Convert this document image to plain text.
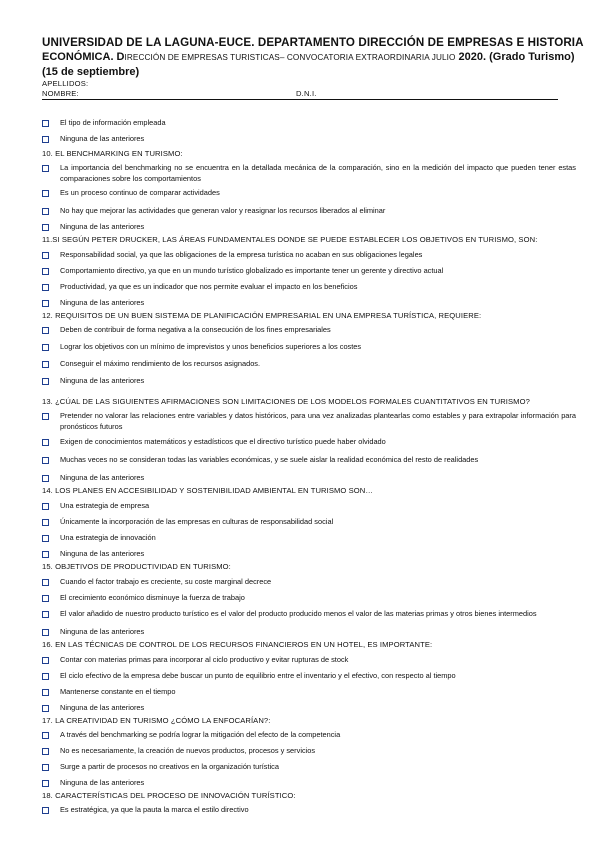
UNIVERSIDAD DE LA LAGUNA-EUCE. DEPARTAMENTO DIRECCIÓN DE EMPRESAS E HISTORIA
ECONÓMICA. DIRECCIÓN DE EMPRESAS TURISTICAS– CONVOCATORIA EXTRAORDINARIA JULIO 2020. (Grado Turismo)
(15 de septiembre)
APELLIDOS:
NOMBRE:	D.N.I.
El tipo de información empleada
Ninguna de las anteriores
10. EL BENCHMARKING EN TURISMO:
La importancia del benchmarking no se encuentra en la detallada mecánica de la comparación, sino en la medición del impacto que pueden tener estas comparaciones sobre los comportamientos
Es un proceso continuo de comparar actividades
No hay que mejorar las actividades que generan valor y reasignar los recursos liberados al eliminar
Ninguna de las anteriores
11.SI SEGÚN PETER DRUCKER, LAS ÁREAS FUNDAMENTALES DONDE SE PUEDE ESTABLECER LOS OBJETIVOS EN TURISMO, SON:
Responsabilidad social, ya que las obligaciones de la empresa turística no acaban en sus obligaciones legales
Comportamiento directivo, ya que en un mundo turístico globalizado es importante tener un gerente y directivo actual
Productividad, ya que es un indicador que nos permite evaluar el impacto en los beneficios
Ninguna de las anteriores
12. REQUISITOS DE UN BUEN SISTEMA DE PLANIFICACIÓN EMPRESARIAL EN UNA EMPRESA TURÍSTICA, REQUIERE:
Deben de contribuir de forma negativa a la consecución de los fines empresariales
Lograr los objetivos con un mínimo de imprevistos y unos beneficios superiores a los costes
Conseguir el máximo rendimiento de los recursos asignados.
Ninguna de las anteriores
13. ¿CÚAL DE LAS SIGUIENTES AFIRMACIONES SON LIMITACIONES DE LOS MODELOS FORMALES CUANTITATIVOS EN TURISMO?
Pretender no valorar las relaciones entre variables y datos históricos, para una vez analizadas plantearlas como estables y para extrapolar información para pronósticos futuros
Exigen de conocimientos matemáticos y estadísticos que el directivo turístico puede haber olvidado
Muchas veces no se consideran todas las variables económicas, y se suele aislar la realidad económica del resto de realidades
Ninguna de las anteriores
14. LOS PLANES EN ACCESIBILIDAD Y SOSTENIBILIDAD AMBIENTAL EN TURISMO SON…
Una estrategia de empresa
Únicamente la incorporación de las empresas en culturas de responsabilidad social
Una estrategia de innovación
Ninguna de las anteriores
15. OBJETIVOS DE PRODUCTIVIDAD EN TURISMO:
Cuando el factor trabajo es creciente, su coste marginal decrece
El crecimiento económico disminuye la fuerza de trabajo
El valor añadido de nuestro producto turístico es el valor del producto producido menos el valor de las materias primas y otros bienes intermedios
Ninguna de las anteriores
16. EN LAS TÉCNICAS DE CONTROL DE LOS RECURSOS FINANCIEROS EN UN HOTEL, ES IMPORTANTE:
Contar con materias primas para incorporar al ciclo productivo y evitar rupturas de stock
El ciclo efectivo de la empresa debe buscar un punto de equilibrio entre el inventario y el efectivo, con respecto al tiempo
Mantenerse constante en el tiempo
Ninguna de las anteriores
17. LA CREATIVIDAD EN TURISMO ¿CÓMO LA ENFOCARÍAN?:
A través del benchmarking se podría lograr la mitigación del efecto de la competencia
No es necesariamente, la creación de nuevos productos, procesos y servicios
Surge a partir de procesos no creativos en la organización turística
Ninguna de las anteriores
18. CARACTERÍSTICAS DEL PROCESO DE INNOVACIÓN TURÍSTICO:
Es estratégica, ya que la pauta la marca el estilo directivo
